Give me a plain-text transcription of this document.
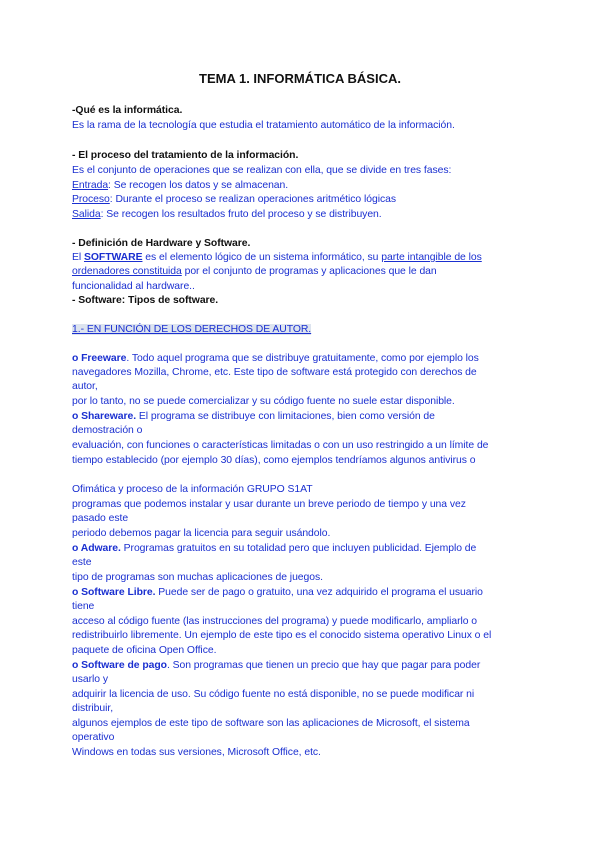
TEMA 1. INFORMÁTICA BÁSICA.

-Qué es la informática.

Es la rama de la tecnología que estudia el tratamiento automático de la información.

- El proceso del tratamiento de la información.

Es el conjunto de operaciones que se realizan con ella, que se divide en tres fases:

Entrada: Se recogen los datos y se almacenan.

Proceso: Durante el proceso se realizan operaciones aritmético lógicas

Salida: Se recogen los resultados fruto del proceso y se distribuyen.

- Definición de Hardware y Software.

El SOFTWARE es el elemento lógico de un sistema informático, su parte intangible de los

ordenadores constituida por el conjunto de programas y aplicaciones que le dan

funcionalidad al hardware..

- Software: Tipos de software.

1.- EN FUNCIÓN DE LOS DERECHOS DE AUTOR.

o Freeware. Todo aquel programa que se distribuye gratuitamente, como por ejemplo los

navegadores Mozilla, Chrome, etc. Este tipo de software está protegido con derechos de

autor,

por lo tanto, no se puede comercializar y su código fuente no suele estar disponible.

o Shareware. El programa se distribuye con limitaciones, bien como versión de

demostración o

evaluación, con funciones o características limitadas o con un uso restringido a un límite de

tiempo establecido (por ejemplo 30 días), como ejemplos tendríamos algunos antivirus o

Ofimática y proceso de la información GRUPO S1AT

programas que podemos instalar y usar durante un breve periodo de tiempo y una vez

pasado este

periodo debemos pagar la licencia para seguir usándolo.

o Adware. Programas gratuitos en su totalidad pero que incluyen publicidad. Ejemplo de

este

tipo de programas son muchas aplicaciones de juegos.

o Software Libre. Puede ser de pago o gratuito, una vez adquirido el programa el usuario

tiene

acceso al código fuente (las instrucciones del programa) y puede modificarlo, ampliarlo o

redistribuirlo libremente. Un ejemplo de este tipo es el conocido sistema operativo Linux o el

paquete de oficina Open Office.

o Software de pago. Son programas que tienen un precio que hay que pagar para poder

usarlo y

adquirir la licencia de uso. Su código fuente no está disponible, no se puede modificar ni

distribuir,

algunos ejemplos de este tipo de software son las aplicaciones de Microsoft, el sistema

operativo

Windows en todas sus versiones, Microsoft Office, etc.
